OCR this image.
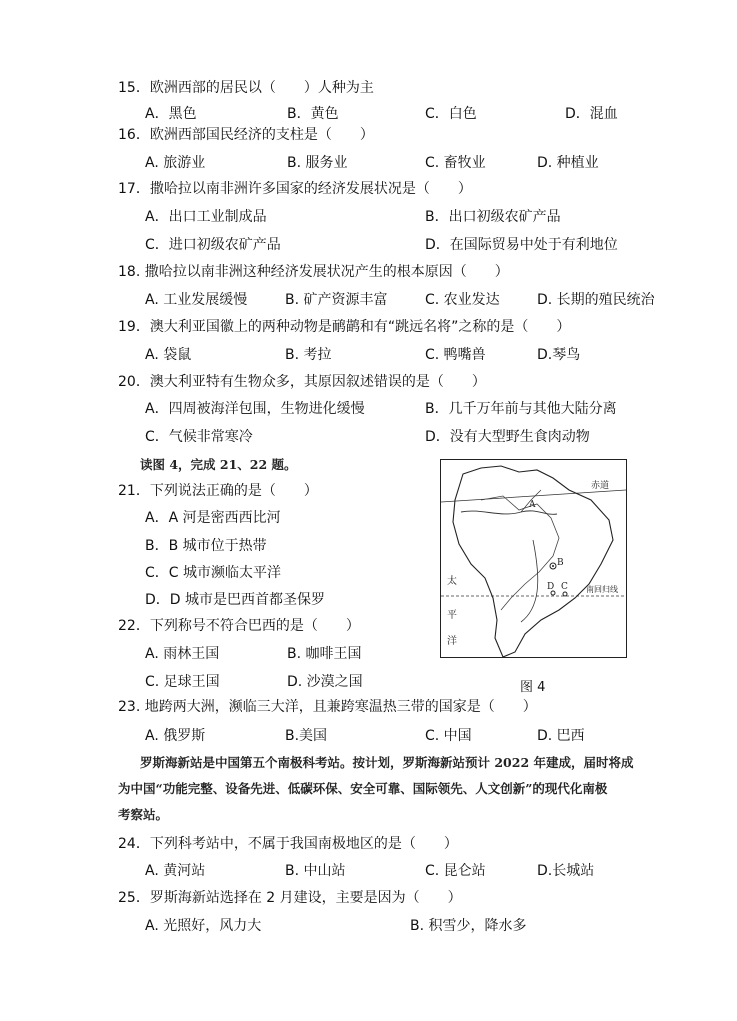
15．欧洲西部的居民以（　　）人种为主
A．黑色	B．黄色	C．白色	D．混血
16．欧洲西部国民经济的支柱是（　　）
A. 旅游业	B. 服务业	C. 畜牧业	D. 种植业
17．撒哈拉以南非洲许多国家的经济发展状况是（　　）
A．出口工业制成品	B．出口初级农矿产品
C．进口初级农矿产品	D．在国际贸易中处于有利地位
18. 撒哈拉以南非洲这种经济发展状况产生的根本原因（　　）
A. 工业发展缓慢	B. 矿产资源丰富	C. 农业发达	D. 长期的殖民统治
19．澳大利亚国徽上的两种动物是鸸鹋和有“跳远名将”之称的是（　　）
A. 袋鼠	B. 考拉	C. 鸭嘴兽	D.琴鸟
20．澳大利亚特有生物众多，其原因叙述错误的是（　　）
A．四周被海洋包围，生物进化缓慢	B．几千万年前与其他大陆分离
C．气候非常寒冷	D．没有大型野生食肉动物
读图 4，完成 21、22 题。
21．下列说法正确的是（　　）
A．A 河是密西西比河
B．B 城市位于热带
C．C 城市濒临太平洋
D．D 城市是巴西首都圣保罗
22．下列称号不符合巴西的是（　　）
A. 雨林王国	B. 咖啡王国
C. 足球王国	D. 沙漠之国
赤道
南回归线
A
B
C
D
太
平
洋
图 4
23. 地跨两大洲，濒临三大洋，且兼跨寒温热三带的国家是（　　）
A. 俄罗斯	B.美国	C. 中国	D. 巴西
罗斯海新站是中国第五个南极科考站。按计划，罗斯海新站预计 2022 年建成，届时将成
为中国“功能完整、设备先进、低碳环保、安全可靠、国际领先、人文创新”的现代化南极
考察站。
24．下列科考站中，不属于我国南极地区的是（　　）
A. 黄河站	B. 中山站	C. 昆仑站	D.长城站
25．罗斯海新站选择在 2 月建设，主要是因为（　　）
A. 光照好，风力大	B. 积雪少，降水多
